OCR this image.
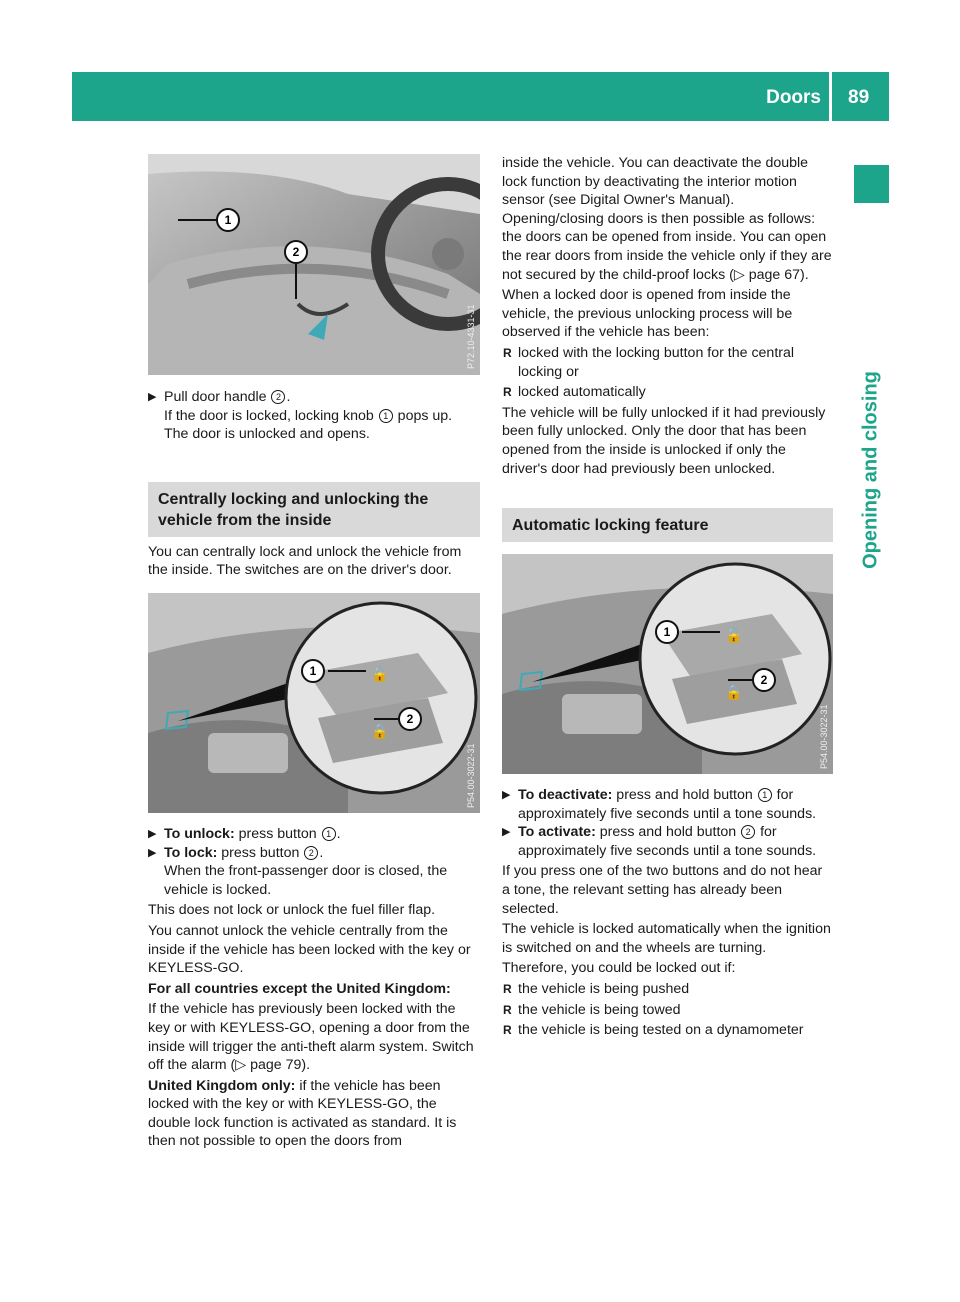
Doors 89
Opening and closing
1
2
P72.10-4331-31

▶ Pull door handle 2 .
If the door is locked, locking knob 1 pops up.
The door is unlocked and opens.

Centrally locking and unlocking the vehicle from the inside

You can centrally lock and unlock the vehicle from the inside. The switches are on the driver's door.

🔓
🔒
1
2
P54.00-3022-31

▶ To unlock: press button 1 .

▶ To lock: press button 2 .
When the front-passenger door is closed, the vehicle is locked.

This does not lock or unlock the fuel filler flap.

You cannot unlock the vehicle centrally from the inside if the vehicle has been locked with the key or KEYLESS-GO.

For all countries except the United Kingdom:

If the vehicle has previously been locked with the key or with KEYLESS-GO, opening a door from the inside will trigger the anti-theft alarm system. Switch off the alarm (▷ page 79).

United Kingdom only: if the vehicle has been locked with the key or with KEYLESS-GO, the double lock function is activated as standard. It is then not possible to open the doors from

inside the vehicle. You can deactivate the double lock function by deactivating the interior motion sensor (see Digital Owner's Manual). Opening/closing doors is then possible as follows: the doors can be opened from inside. You can open the rear doors from inside the vehicle only if they are not secured by the child-proof locks (▷ page 67).

When a locked door is opened from inside the vehicle, the previous unlocking process will be observed if the vehicle has been:

R locked with the locking button for the central locking or

R locked automatically

The vehicle will be fully unlocked if it had previously been fully unlocked. Only the door that has been opened from the inside is unlocked if only the driver's door had previously been unlocked.

Automatic locking feature
🔓
🔒
1
2
P54.00-3022-31

▶ To deactivate: press and hold button 1 for approximately five seconds until a tone sounds.

▶ To activate: press and hold button 2 for approximately five seconds until a tone sounds.

If you press one of the two buttons and do not hear a tone, the relevant setting has already been selected.

The vehicle is locked automatically when the ignition is switched on and the wheels are turning.

Therefore, you could be locked out if:

R the vehicle is being pushed

R the vehicle is being towed

R the vehicle is being tested on a dynamometer
